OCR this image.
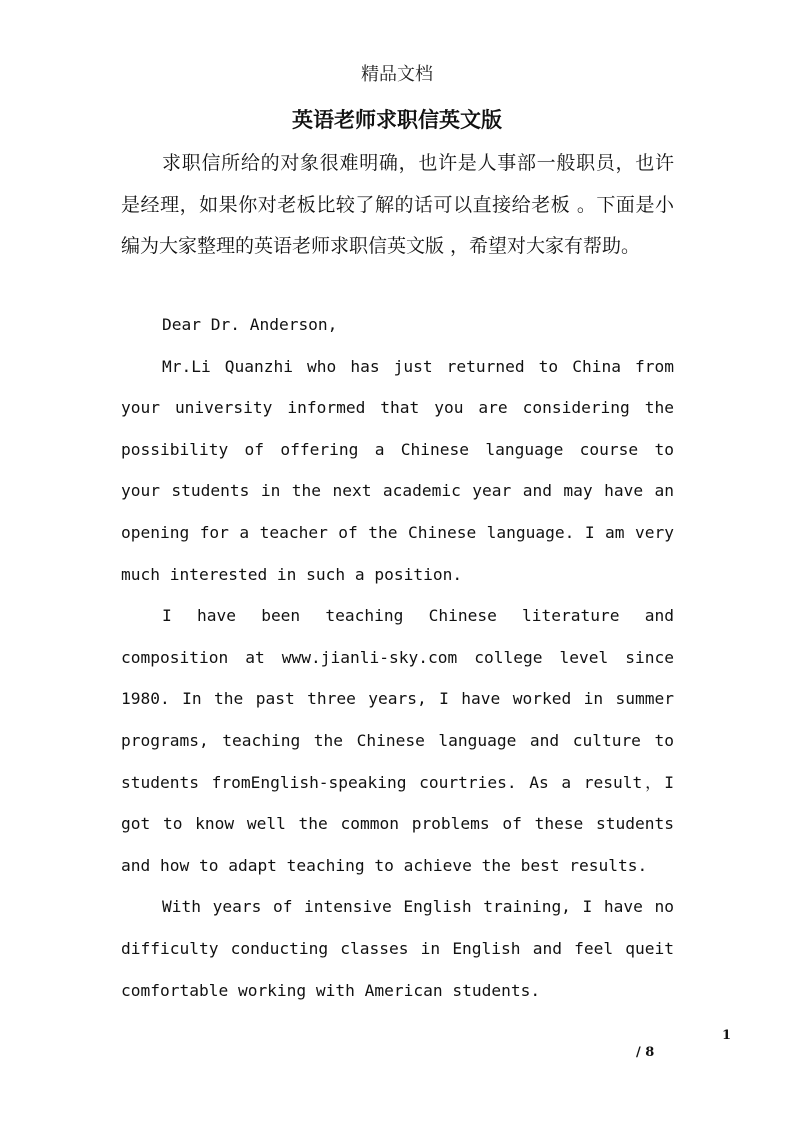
精品文档
英语老师求职信英文版

求职信所给的对象很难明确，也许是人事部一般职员，也许是经理，如果你对老板比较了解的话可以直接给老板 。下面是小编为大家整理的英语老师求职信英文版 ，希望对大家有帮助。

Dear Dr. Anderson,

Mr.Li Quanzhi who has just returned to China from your university informed that you are considering the possibility of offering a Chinese language course to your students in the next academic year and may have an opening for a teacher of the Chinese language. I am very much interested in such a position.

I have been teaching Chinese literature and composition at www.jianli-sky.com college level since 1980. In the past three years, I have worked in summer programs, teaching the Chinese language and culture to students fromEnglish-speaking courtries. As a result，I got to know well the common problems of these students and how to adapt teaching to achieve the best results.

With years of intensive English training, I have no difficulty conducting classes in English and feel queit comfortable working with American students.

1
/ 8
